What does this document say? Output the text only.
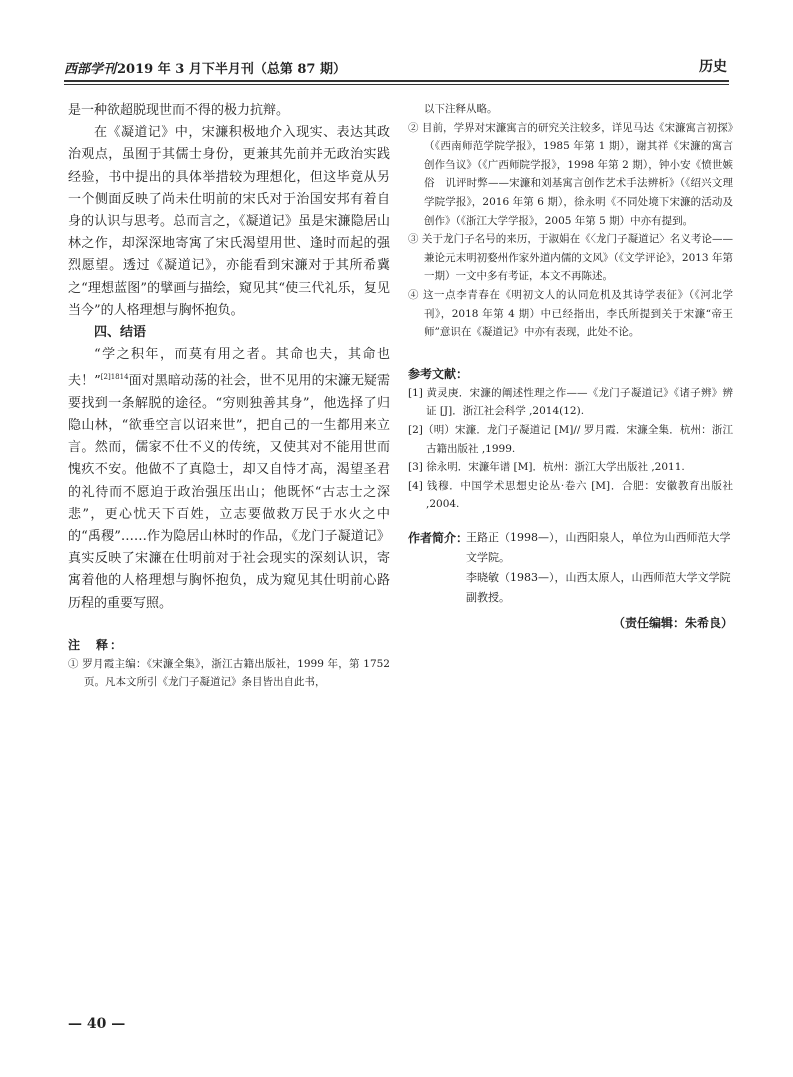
西部学刊2019 年 3 月下半月刊（总第 87 期）	历史

是一种欲超脱现世而不得的极力抗辩。

在《凝道记》中，宋濂积极地介入现实、表达其政治观点，虽囿于其儒士身份，更兼其先前并无政治实践经验，书中提出的具体举措较为理想化，但这毕竟从另一个侧面反映了尚未仕明前的宋氏对于治国安邦有着自身的认识与思考。总而言之，《凝道记》虽是宋濂隐居山林之作，却深深地寄寓了宋氏渴望用世、逢时而起的强烈愿望。透过《凝道记》，亦能看到宋濂对于其所希冀之“理想蓝图”的擘画与描绘，窥见其“使三代礼乐，复见当今”的人格理想与胸怀抱负。

四、结语

“学之积年，而莫有用之者。其命也夫，其命也夫！”$^{[2]1814}$面对黑暗动荡的社会，世不见用的宋濂无疑需要找到一条解脱的途径。“穷则独善其身”，他选择了归隐山林，“欲垂空言以诏来世”，把自己的一生都用来立言。然而，儒家不仕不义的传统，又使其对不能用世而愧疚不安。他做不了真隐士，却又自恃才高，渴望圣君的礼待而不愿迫于政治强压出山；他既怀“古志士之深悲”，更心忧天下百姓，立志要做救万民于水火之中的“禹稷”……作为隐居山林时的作品，《龙门子凝道记》真实反映了宋濂在仕明前对于社会现实的深刻认识，寄寓着他的人格理想与胸怀抱负，成为窥见其仕明前心路历程的重要写照。

注　释：

① 罗月霞主编：《宋濂全集》，浙江古籍出版社，1999 年，第 1752 页。凡本文所引《龙门子凝道记》条目皆出自此书，

以下注释从略。

② 目前，学界对宋濂寓言的研究关注较多，详见马达《宋濂寓言初探》（《西南师范学院学报》，1985 年第 1 期），谢其祥《宋濂的寓言创作刍议》（《广西师院学报》，1998 年第 2 期），钟小安《愤世嫉俗　讥评时弊——宋濂和刘基寓言创作艺术手法辨析》（《绍兴文理学院学报》，2016 年第 6 期），徐永明《不同处境下宋濂的活动及创作》（《浙江大学学报》，2005 年第 5 期）中亦有提到。

③ 关于龙门子名号的来历，于淑娟在《〈龙门子凝道记〉名义考论——兼论元末明初婺州作家外道内儒的文风》（《文学评论》，2013 年第一期）一文中多有考证，本文不再陈述。

④ 这一点李青春在《明初文人的认同危机及其诗学表征》（《河北学刊》，2018 年第 4 期）中已经指出，李氏所提到关于宋濂“帝王师”意识在《凝道记》中亦有表现，此处不论。

参考文献：

[1] 黄灵庚．宋濂的阐述性理之作——《龙门子凝道记》《诸子辨》辨证 [J]．浙江社会科学 ,2014(12).

[2]（明）宋濂．龙门子凝道记 [M]// 罗月霞．宋濂全集．杭州：浙江古籍出版社 ,1999.

[3] 徐永明．宋濂年谱 [M]．杭州：浙江大学出版社 ,2011.

[4] 钱穆．中国学术思想史论丛·卷六 [M]．合肥：安徽教育出版社 ,2004.

作者简介：

王路正（1998—），山西阳泉人，单位为山西师范大学文学院。

李晓敏（1983—），山西太原人，山西师范大学文学院副教授。

（责任编辑：朱希良）
— 40 —
